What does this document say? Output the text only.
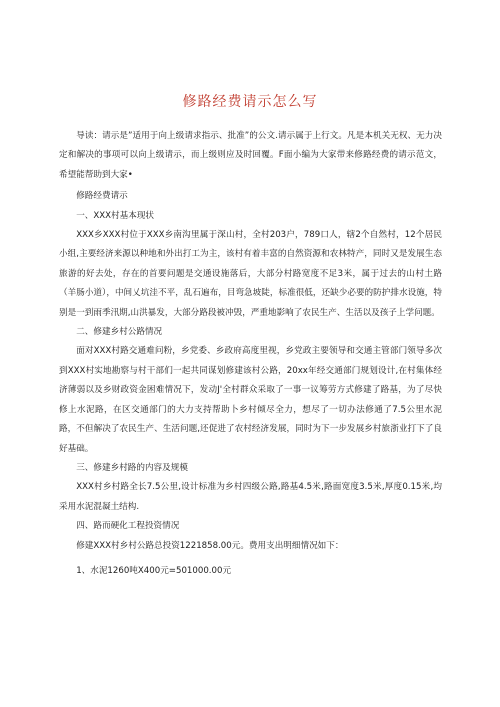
修路经费请示怎么写

导读：请示是”适用于向上级请求指示、批准”的公文.请示属于上行文。凡是本机关无权、无力决定和解决的事项可以向上级请示，而上级则应及时回覆。F面小编为大家带来修路经费的请示范文，希望能帮助到大家•

修路经费请示

一、XXX村基本现状

XXX乡XXX村位于XXX乡南沟里属于深山村，全村203户，789口人，辖2个自然村，12个居民小组,主要经济来源以种地和外出打工为主，该村有着丰富的自然资源和农林特产，同时又是发展生态旅游的好去处，存在的首要问题是交通设施落后，大部分村路宽度不足3米，属于过去的山村土路（羊肠小道），中间乂坑洼不平，乱石遍布，目弯急坡陡，标准很低，还缺少必要的防护排水设施，特别是一到雨季汛期,山洪暴发，大部分路段被冲毁，严重地影响了农民生产、生活以及孩子上学问题。

二、修建乡村公路情况

面对XXX村路交通难问粉，乡党委、乡政府高度里视，乡党政主要领导和交通主管部门领导多次到XXX村实地勘察与村干部们一起共同谋划修建该村公路，20xx年经交通部门规划设计,在村集体经济薄弱以及乡财政资金困难情况下，发动J'全村群众采取了一事一议筹劳方式修建了路基，为了尽快修上水泥路，在区交通部门的大力支持帮助卜乡村倾尽全力，想尽了一切办法修通了7.5公里水泥路，不但解决了农民生产、生活问题,还促进了农村经济发展，同时为下一步发展乡村旅浙业打下了良好基础。

三、修建乡村路的内容及规模

XXX村乡村路全长7.5公里,设计标准为乡村四级公路,路基4.5米,路面宽度3.5米,厚度0.15米,均采用水泥混凝土结构.

四、路而硬化工程投资情况

修建XXX村乡村公路总投资1221858.00元。费用支出明细情况如下：

1、水泥1260吨X400元=501000.00元
